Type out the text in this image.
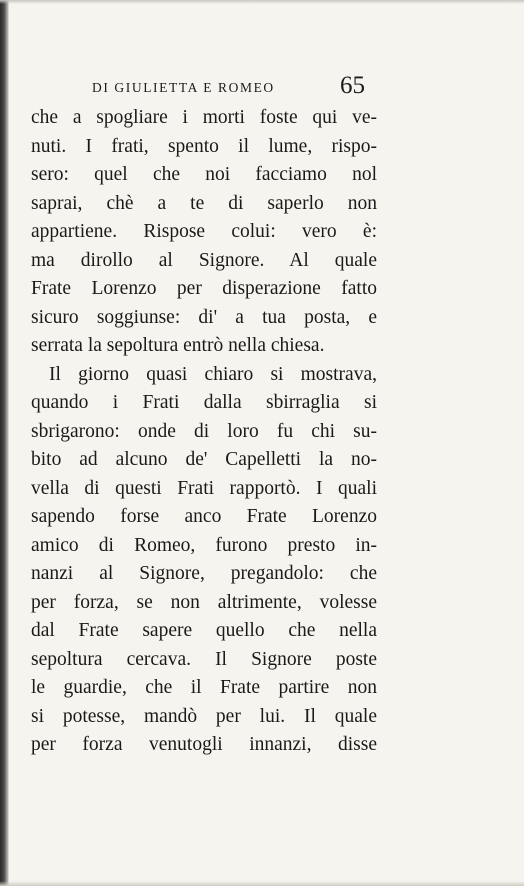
DI GIULIETTA E ROMEO	65
che a spogliare i morti foste qui ve-
nuti. I frati, spento il lume, rispo-
sero: quel che noi facciamo nol
saprai, chè a te di saperlo non
appartiene. Rispose colui: vero è:
ma dirollo al Signore. Al quale
Frate Lorenzo per disperazione fatto
sicuro soggiunse: di' a tua posta, e
serrata la sepoltura entrò nella chiesa.
Il giorno quasi chiaro si mostrava,
quando i Frati dalla sbirraglia si
sbrigarono: onde di loro fu chi su-
bito ad alcuno de' Capelletti la no-
vella di questi Frati rapportò. I quali
sapendo forse anco Frate Lorenzo
amico di Romeo, furono presto in-
nanzi al Signore, pregandolo: che
per forza, se non altrimente, volesse
dal Frate sapere quello che nella
sepoltura cercava. Il Signore poste
le guardie, che il Frate partire non
si potesse, mandò per lui. Il quale
per forza venutogli innanzi, disse
